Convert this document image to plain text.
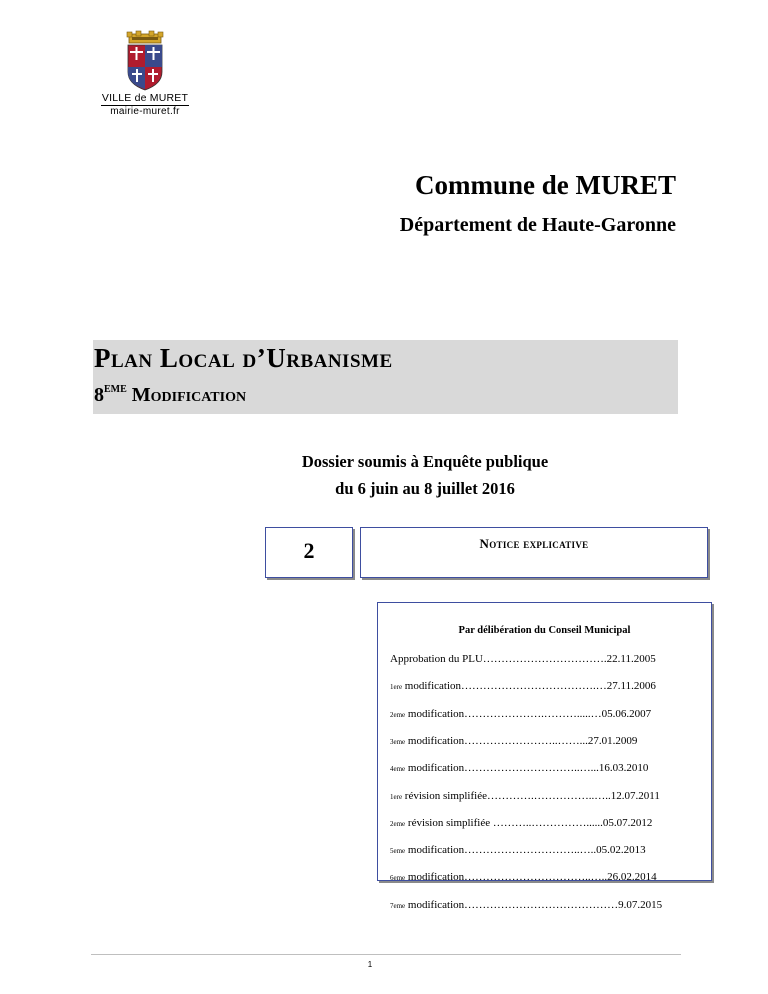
VILLE de MURET
mairie-muret.fr
Commune de MURET
Département de Haute-Garonne
Plan Local d’Urbanisme
8EME Modification
Dossier soumis à Enquête publique
du 6 juin au 8 juillet 2016
2	Notice explicative
Par délibération du Conseil Municipal
Approbation du PLU…………………………….22.11.2005
1ere modification……………………………….…27.11.2006
2eme modification………………….……….....…05.06.2007
3eme modification……………………..……...27.01.2009
4eme modification…………………………..…...16.03.2010
1ere révision simplifiée………….……………..…..12.07.2011
2eme révision simplifiée ………..……………......05.07.2012
5eme modification…………………………..…..05.02.2013
6eme modification……………………………..…..26.02.2014
7eme modification……………………………………9.07.2015
1
